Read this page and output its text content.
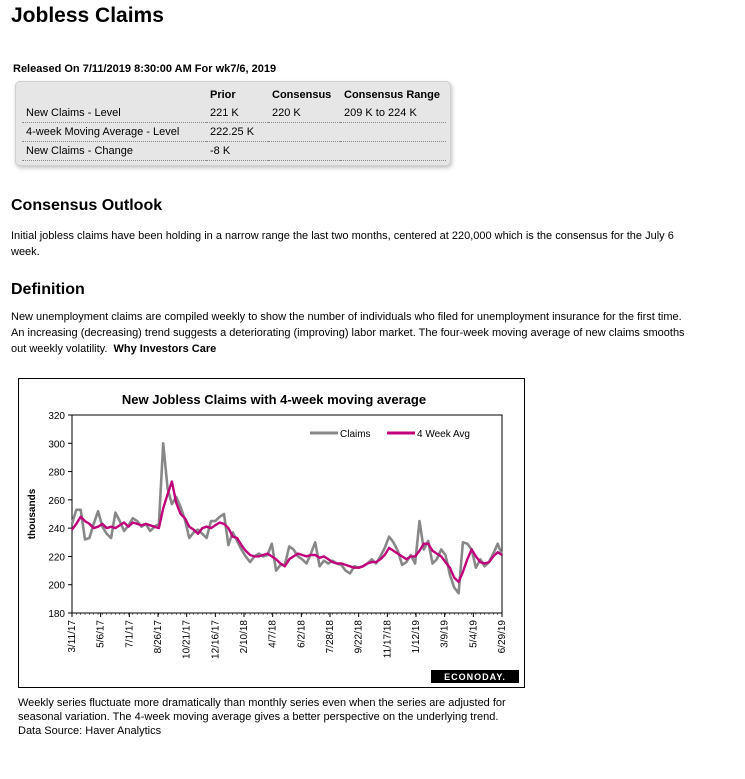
Jobless Claims
Released On 7/11/2019 8:30:00 AM For wk7/6, 2019
	Prior	Consensus	Consensus Range
New Claims - Level	221 K	220 K	209 K to 224 K
4-week Moving Average - Level	222.25 K		
New Claims - Change	-8 K		
Consensus Outlook
Initial jobless claims have been holding in a narrow range the last two months, centered at 220,000 which is the consensus for the July 6 week.
Definition
New unemployment claims are compiled weekly to show the number of individuals who filed for unemployment insurance for the first time. An increasing (decreasing) trend suggests a deteriorating (improving) labor market. The four-week moving average of new claims smooths out weekly volatility. Why Investors Care
New Jobless Claims with 4-week moving average
180
200
220
240
260
280
300
320
thousands
3/11/17 5/6/17 7/1/17 8/26/17 10/21/17 12/16/17 2/10/18 4/7/18 6/2/18 7/28/18 9/22/18 11/17/18 1/12/19 3/9/19 5/4/19 6/29/19
Claims	4 Week Avg
ECONODAY.
Weekly series fluctuate more dramatically than monthly series even when the series are adjusted for seasonal variation. The 4-week moving average gives a better perspective on the underlying trend.
Data Source: Haver Analytics
